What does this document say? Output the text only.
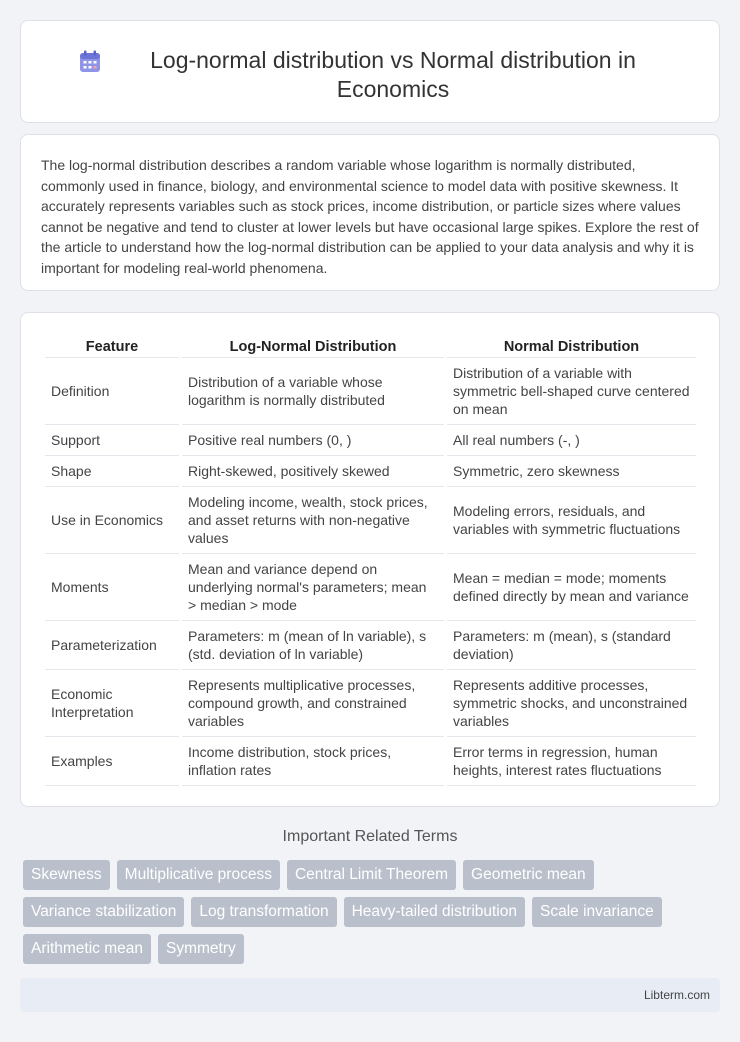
Log-normal distribution vs Normal distribution in Economics

The log-normal distribution describes a random variable whose logarithm is normally distributed, commonly used in finance, biology, and environmental science to model data with positive skewness. It accurately represents variables such as stock prices, income distribution, or particle sizes where values cannot be negative and tend to cluster at lower levels but have occasional large spikes. Explore the rest of the article to understand how the log-normal distribution can be applied to your data analysis and why it is important for modeling real-world phenomena.

Feature	Log-Normal Distribution	Normal Distribution
Definition	Distribution of a variable whose logarithm is normally distributed	Distribution of a variable with symmetric bell-shaped curve centered on mean
Support	Positive real numbers (0, )	All real numbers (-, )
Shape	Right-skewed, positively skewed	Symmetric, zero skewness
Use in Economics	Modeling income, wealth, stock prices, and asset returns with non-negative values	Modeling errors, residuals, and variables with symmetric fluctuations
Moments	Mean and variance depend on underlying normal's parameters; mean > median > mode	Mean = median = mode; moments defined directly by mean and variance
Parameterization	Parameters: m (mean of ln variable), s (std. deviation of ln variable)	Parameters: m (mean), s (standard deviation)
Economic Interpretation	Represents multiplicative processes, compound growth, and constrained variables	Represents additive processes, symmetric shocks, and unconstrained variables
Examples	Income distribution, stock prices, inflation rates	Error terms in regression, human heights, interest rates fluctuations
Important Related Terms
Skewness	Multiplicative process	Central Limit Theorem	Geometric mean
Variance stabilization	Log transformation	Heavy-tailed distribution	Scale invariance
Arithmetic mean	Symmetry
Libterm.com
